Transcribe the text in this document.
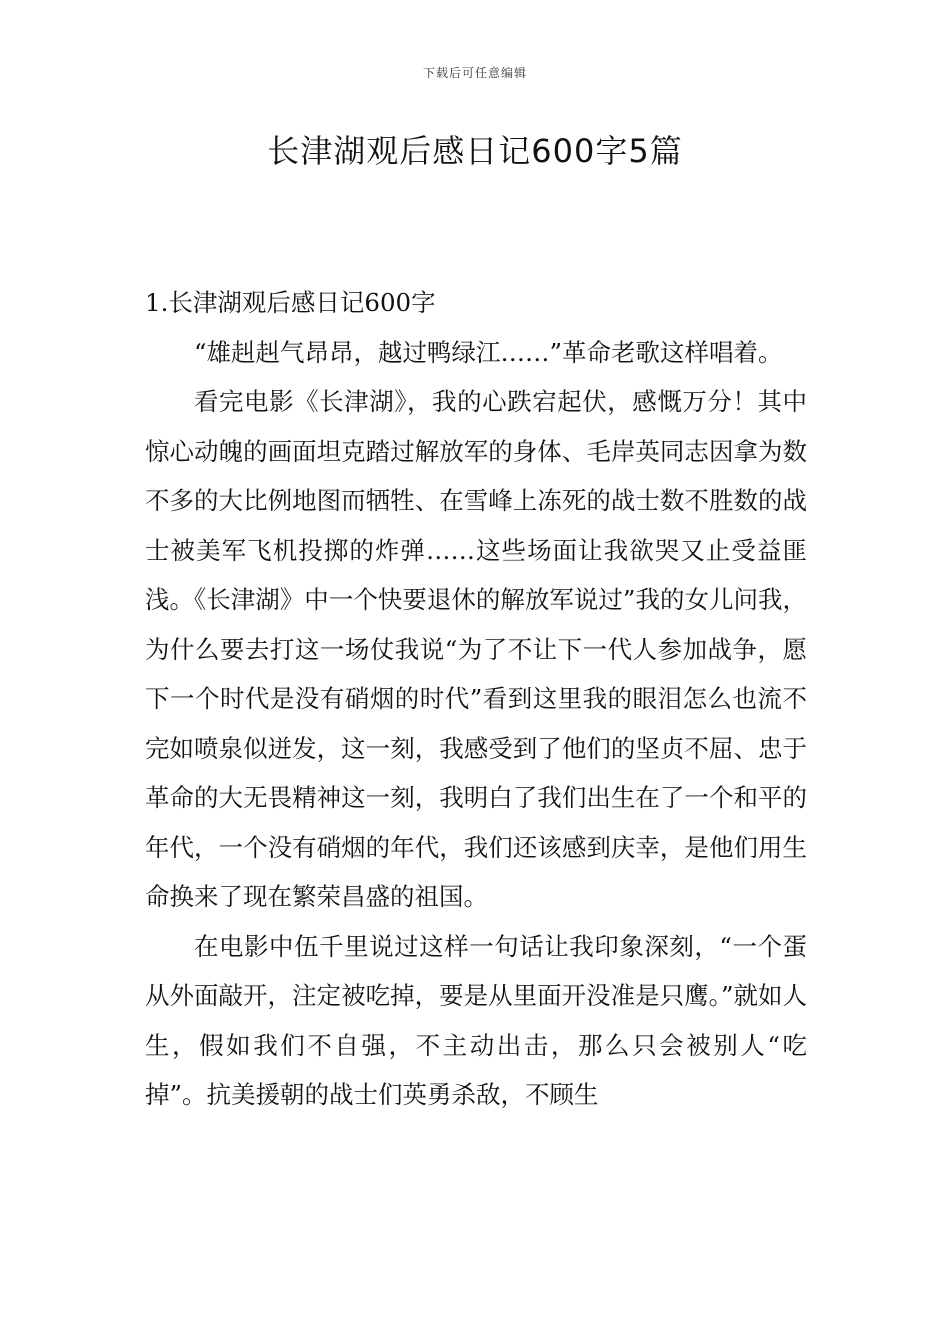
下载后可任意编辑
长津湖观后感日记600字5篇

1.长津湖观后感日记600字

“雄赳赳气昂昂，越过鸭绿江……”革命老歌这样唱着。

看完电影《长津湖》，我的心跌宕起伏，感慨万分！其中惊心动魄的画面坦克踏过解放军的身体、毛岸英同志因拿为数不多的大比例地图而牺牲、在雪峰上冻死的战士数不胜数的战士被美军飞机投掷的炸弹……这些场面让我欲哭又止受益匪浅。《长津湖》中一个快要退休的解放军说过”我的女儿问我，为什么要去打这一场仗我说“为了不让下一代人参加战争，愿下一个时代是没有硝烟的时代”看到这里我的眼泪怎么也流不完如喷泉似迸发，这一刻，我感受到了他们的坚贞不屈、忠于革命的大无畏精神这一刻，我明白了我们出生在了一个和平的年代，一个没有硝烟的年代，我们还该感到庆幸，是他们用生命换来了现在繁荣昌盛的祖国。

在电影中伍千里说过这样一句话让我印象深刻，“一个蛋从外面敲开，注定被吃掉，要是从里面开没准是只鹰。”就如人生，假如我们不自强，不主动出击，那么只会被别人“吃掉”。抗美援朝的战士们英勇杀敌，不顾生
